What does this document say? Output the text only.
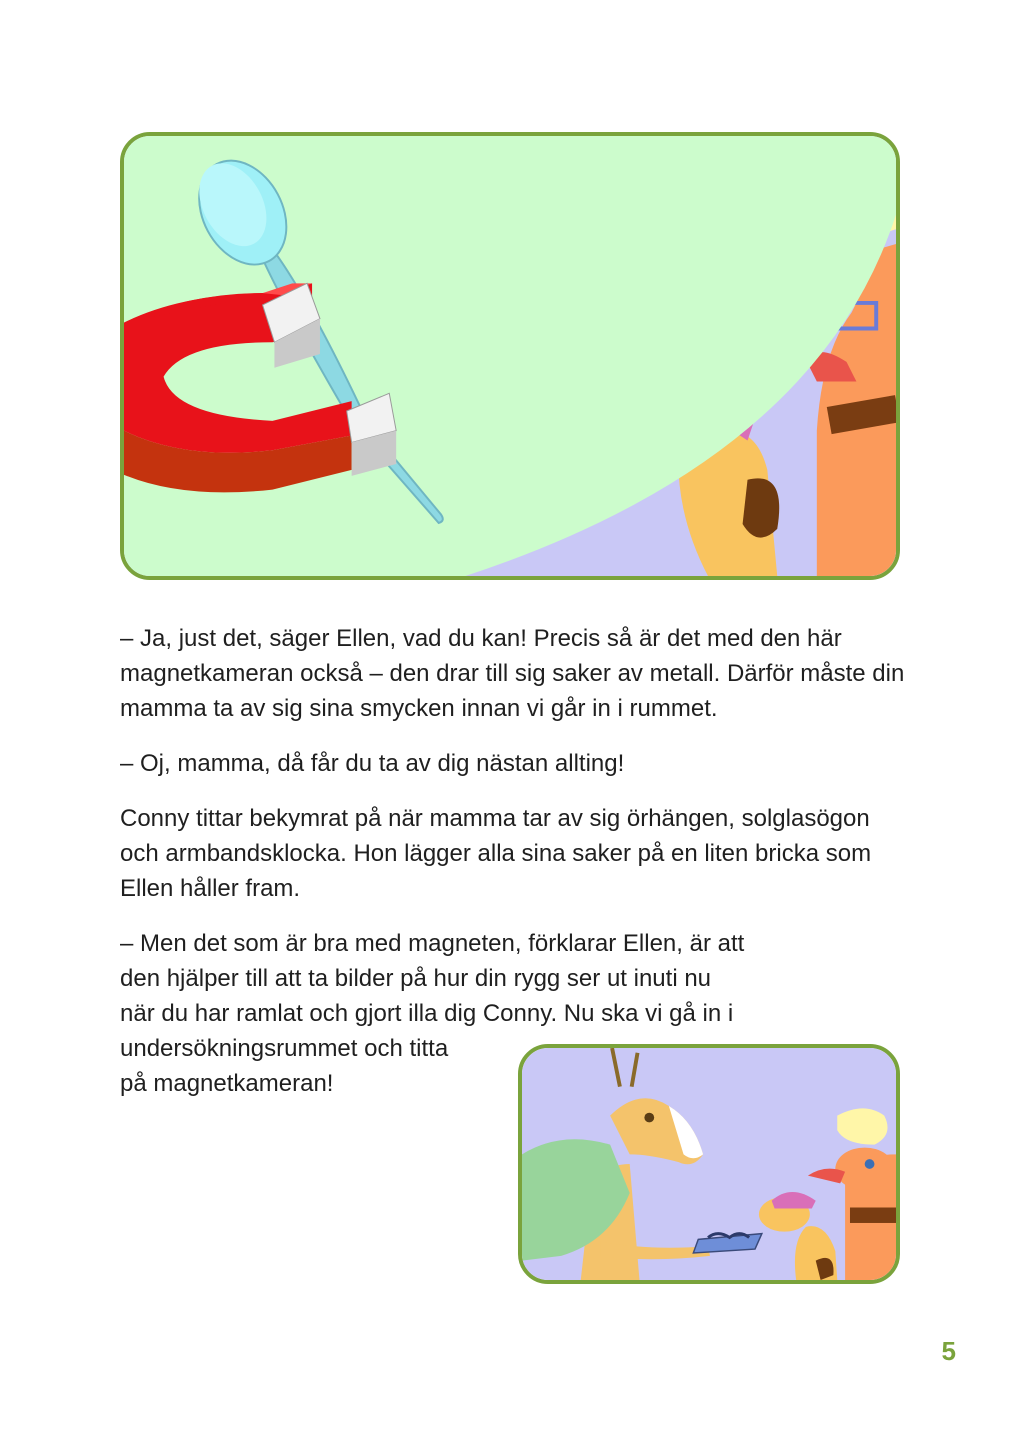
– Ja, just det, säger Ellen, vad du kan! Precis så är det med den här magnetkameran också – den drar till sig saker av metall. Därför måste din mamma ta av sig sina smycken innan vi går in i rummet.

– Oj, mamma, då får du ta av dig nästan allting!

Conny tittar bekymrat på när mamma tar av sig örhängen, solglasögon och armbandsklocka. Hon lägger alla sina saker på en liten bricka som Ellen håller fram.

– Men det som är bra med magneten, förklarar Ellen, är att
den hjälper till att ta bilder på hur din rygg ser ut inuti nu
när du har ramlat och gjort illa dig Conny. Nu ska vi gå in i
undersökningsrummet och titta
på magnetkameran!

5
